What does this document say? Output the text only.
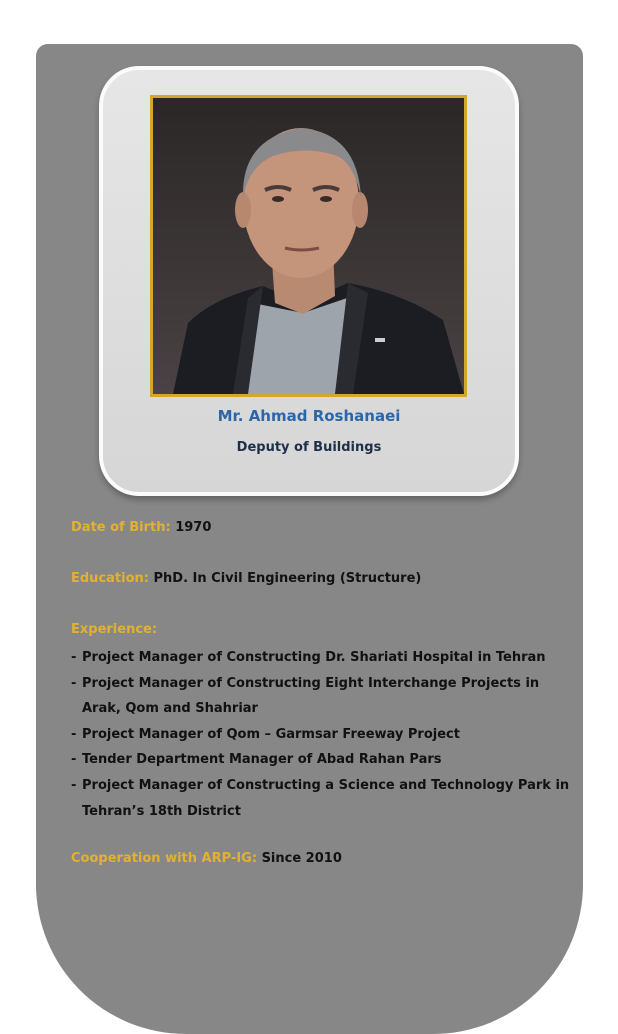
Mr. Ahmad Roshanaei
Deputy of Buildings
Date of Birth: 1970
Education: PhD. In Civil Engineering (Structure)
Experience:
- Project Manager of Constructing Dr. Shariati Hospital in Tehran
- Project Manager of Constructing Eight Interchange Projects in Arak, Qom and Shahriar
- Project Manager of Qom – Garmsar Freeway Project
- Tender Department Manager of Abad Rahan Pars
- Project Manager of Constructing a Science and Technology Park in Tehran’s 18th District
Cooperation with ARP-IG: Since 2010
